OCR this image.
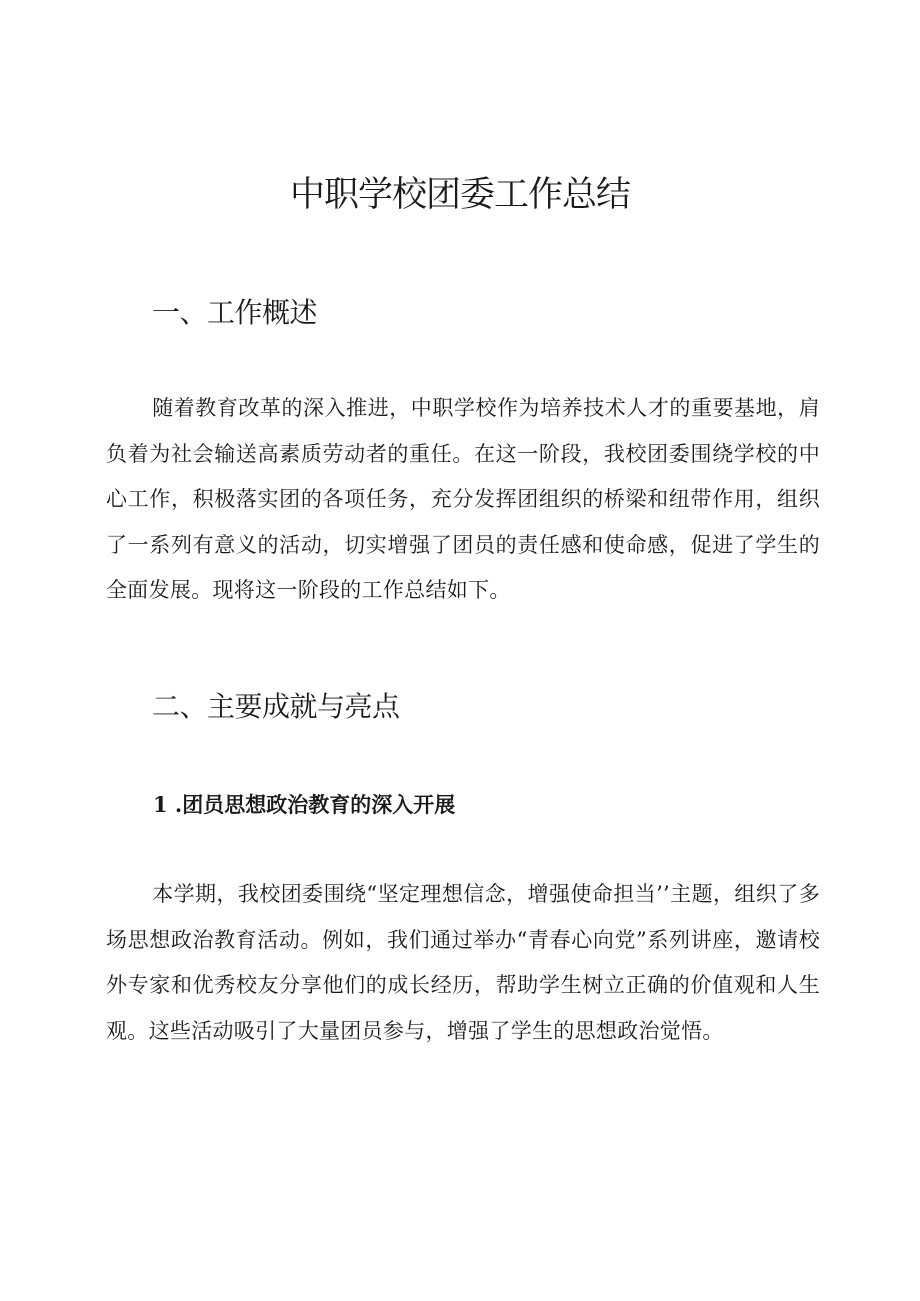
中职学校团委工作总结
一、工作概述

随着教育改革的深入推进，中职学校作为培养技术人才的重要基地，肩负着为社会输送高素质劳动者的重任。在这一阶段，我校团委围绕学校的中心工作，积极落实团的各项任务，充分发挥团组织的桥梁和纽带作用，组织了一系列有意义的活动，切实增强了团员的责任感和使命感，促进了学生的全面发展。现将这一阶段的工作总结如下。

二、主要成就与亮点
1 .团员思想政治教育的深入开展

本学期，我校团委围绕“坚定理想信念，增强使命担当’’主题，组织了多场思想政治教育活动。例如，我们通过举办“青春心向党”系列讲座，邀请校外专家和优秀校友分享他们的成长经历，帮助学生树立正确的价值观和人生观。这些活动吸引了大量团员参与，增强了学生的思想政治觉悟。
